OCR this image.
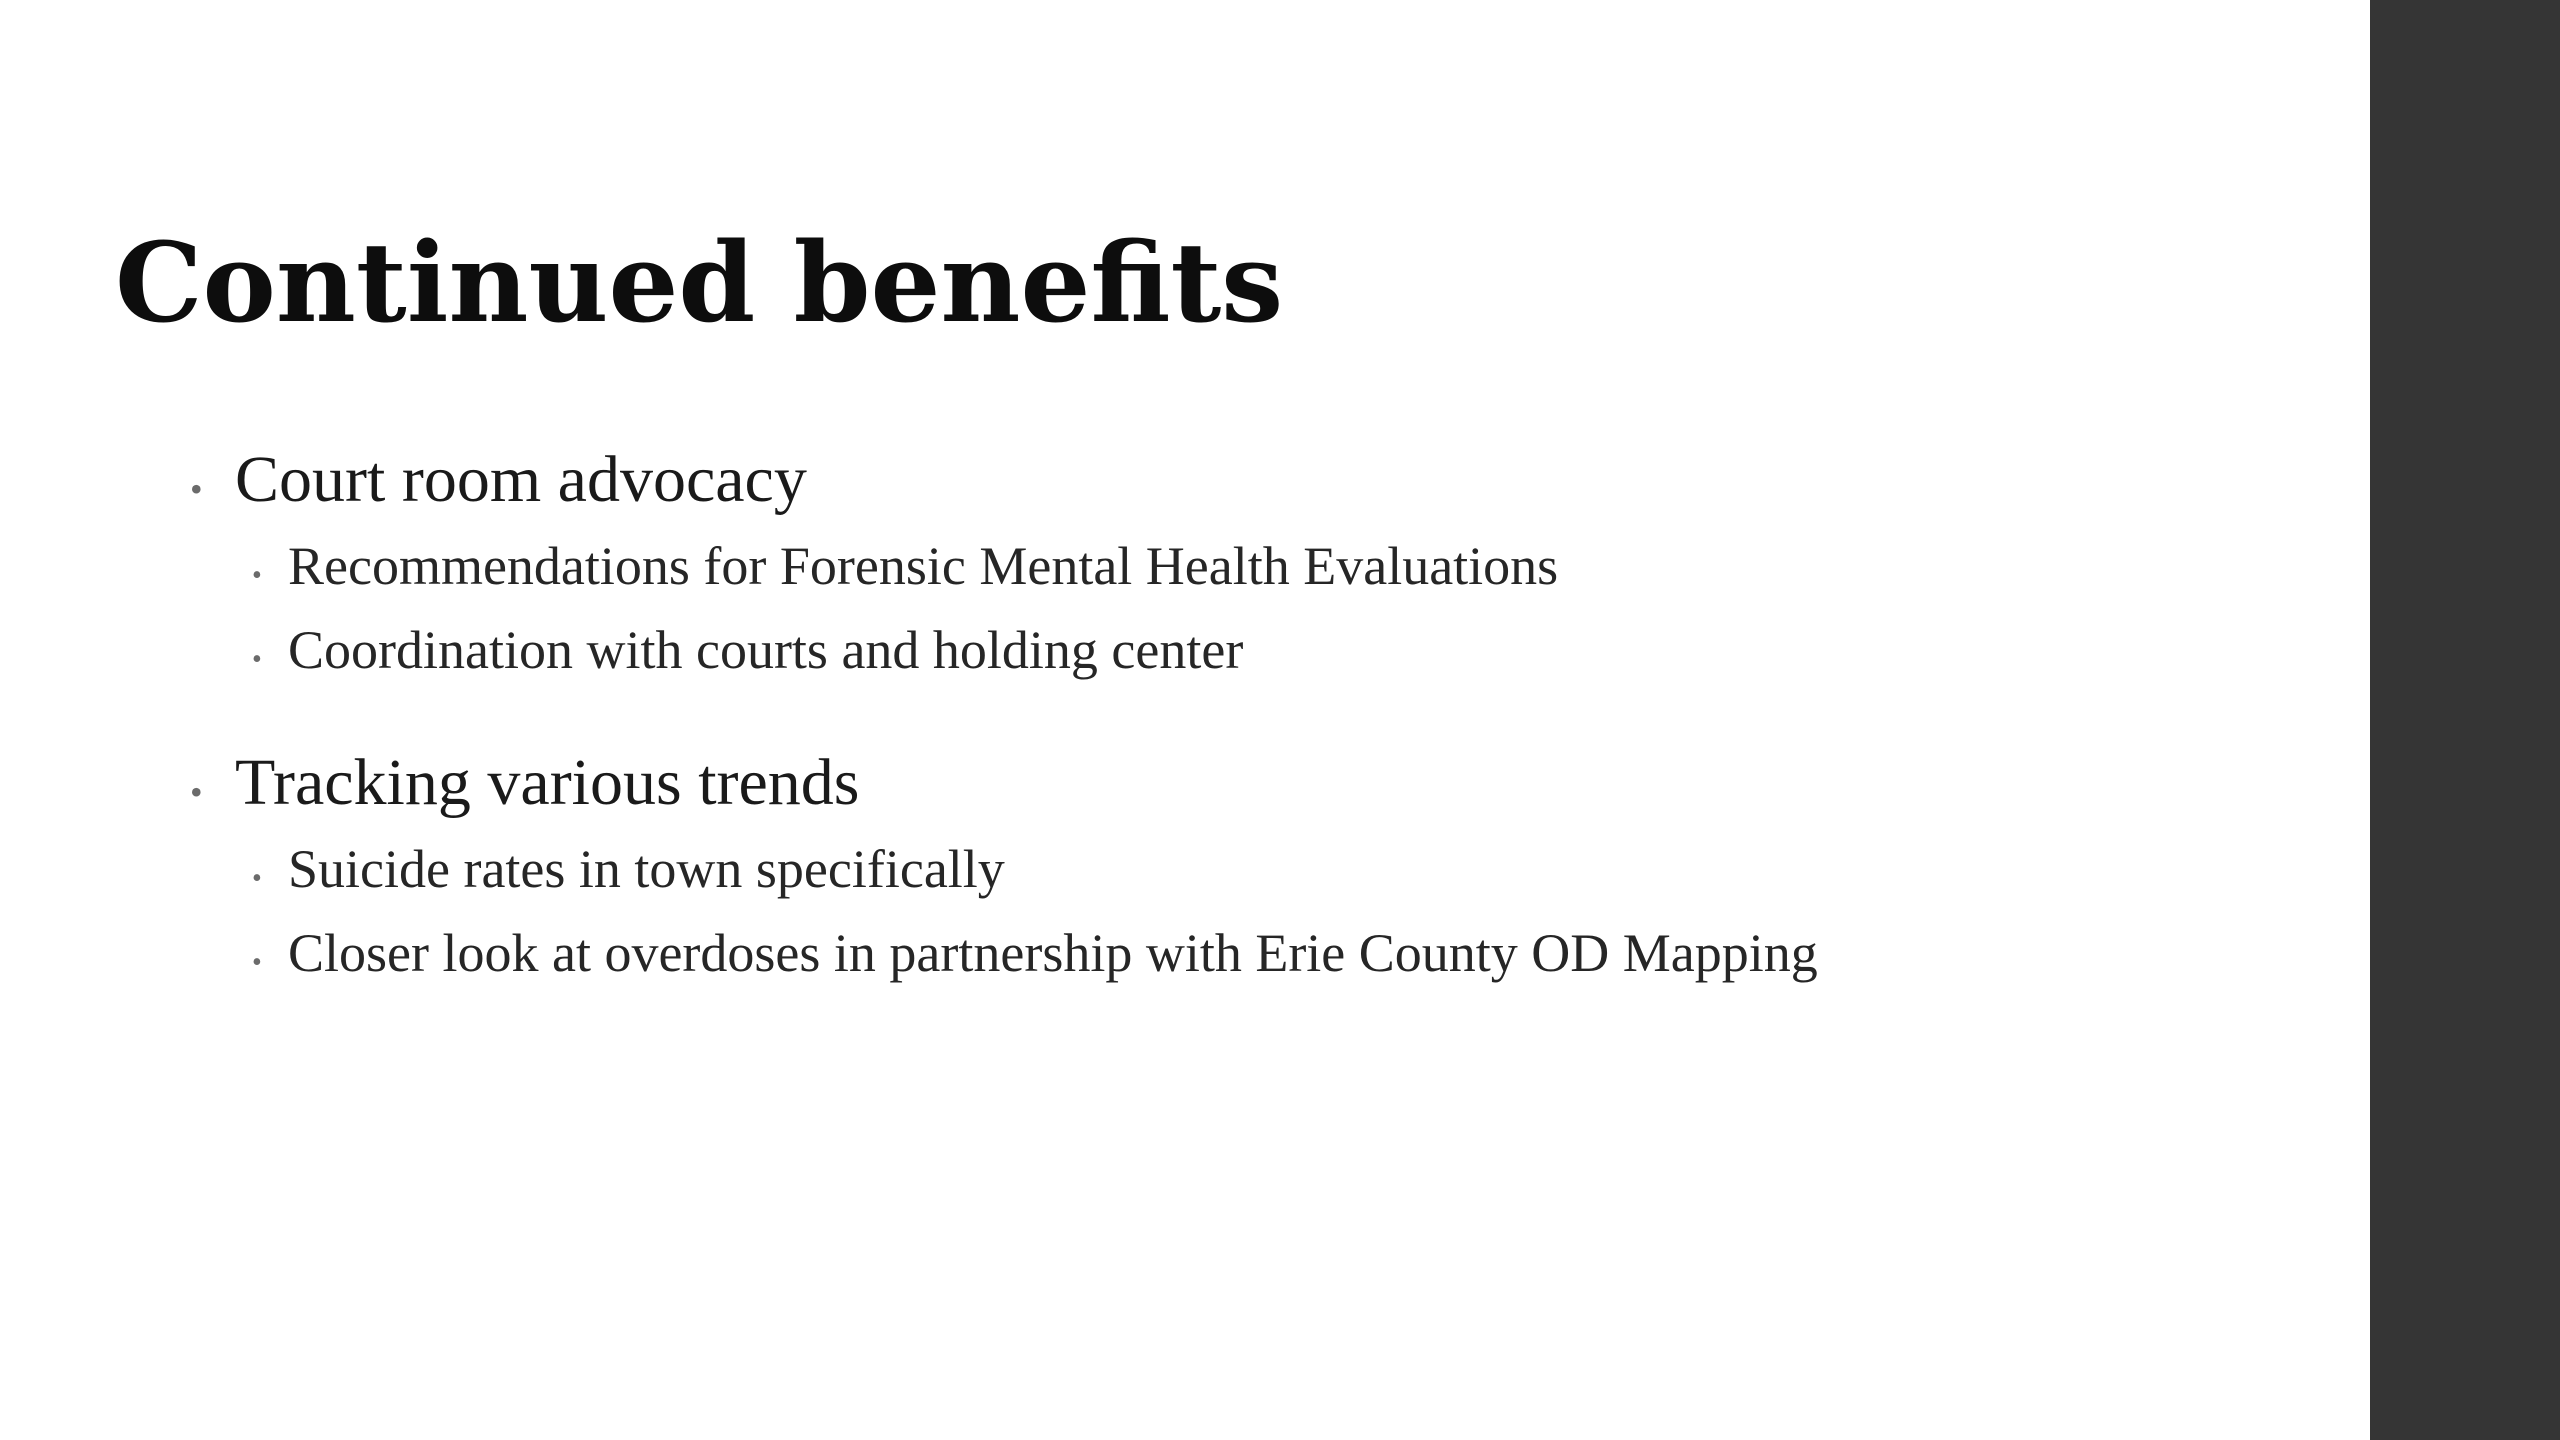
Continued benefits
• Court room advocacy
• Recommendations for Forensic Mental Health Evaluations
• Coordination with courts and holding center
• Tracking various trends
• Suicide rates in town specifically
• Closer look at overdoses in partnership with Erie County OD Mapping
